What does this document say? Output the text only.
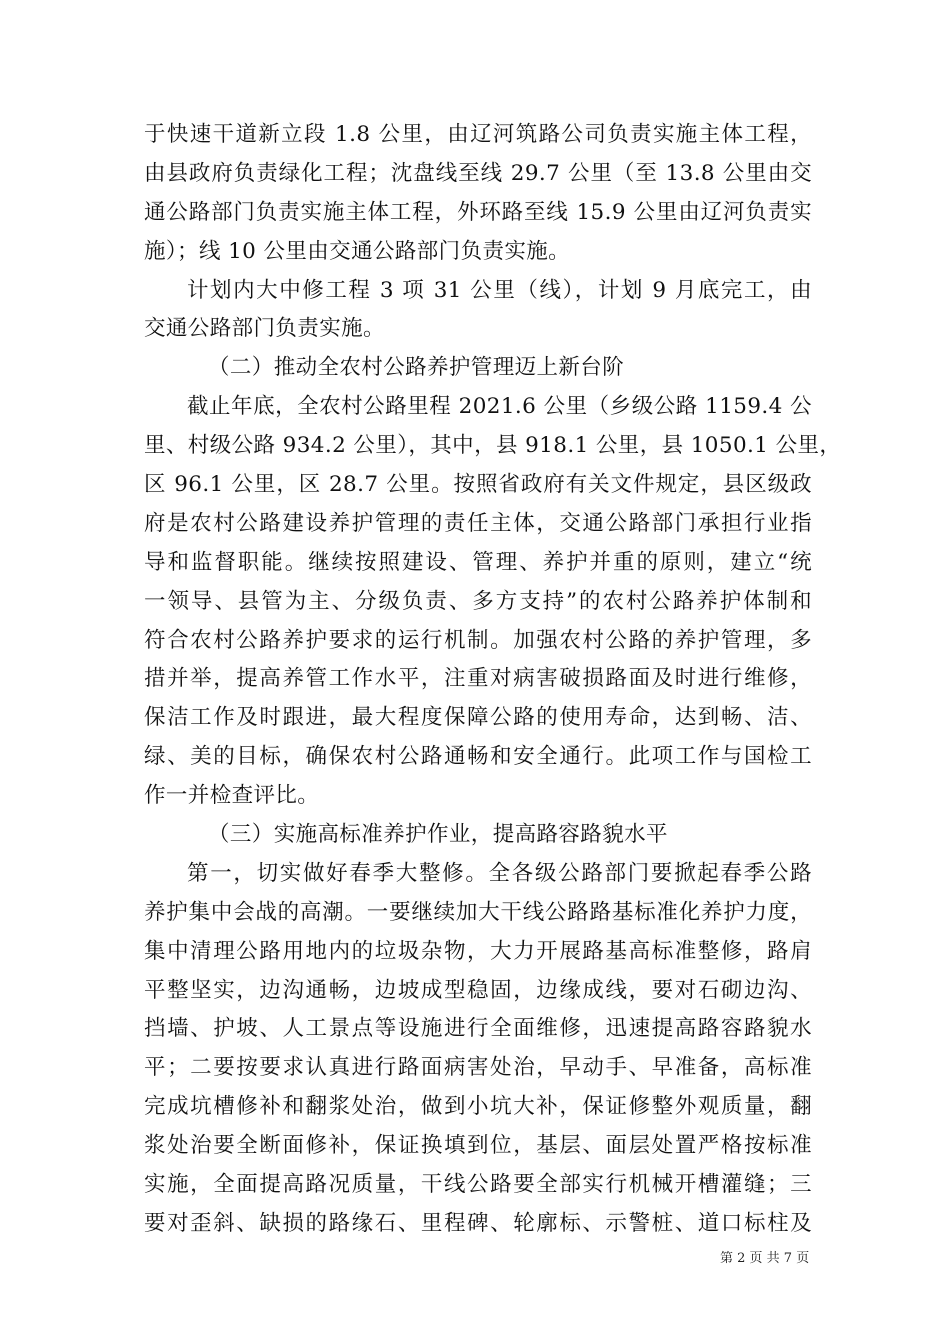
于快速干道新立段 1.8 公里，由辽河筑路公司负责实施主体工程，
由县政府负责绿化工程；沈盘线至线 29.7 公里（至 13.8 公里由交
通公路部门负责实施主体工程，外环路至线 15.9 公里由辽河负责实
施）；线 10 公里由交通公路部门负责实施。
计划内大中修工程 3 项 31 公里（线），计划 9 月底完工，由
交通公路部门负责实施。
（二）推动全农村公路养护管理迈上新台阶
截止年底，全农村公路里程 2021.6 公里（乡级公路 1159.4 公
里、村级公路 934.2 公里），其中，县 918.1 公里，县 1050.1 公里，
区 96.1 公里，区 28.7 公里。按照省政府有关文件规定，县区级政
府是农村公路建设养护管理的责任主体，交通公路部门承担行业指
导和监督职能。继续按照建设、管理、养护并重的原则，建立“统
一领导、县管为主、分级负责、多方支持”的农村公路养护体制和
符合农村公路养护要求的运行机制。加强农村公路的养护管理，多
措并举，提高养管工作水平，注重对病害破损路面及时进行维修，
保洁工作及时跟进，最大程度保障公路的使用寿命，达到畅、洁、
绿、美的目标，确保农村公路通畅和安全通行。此项工作与国检工
作一并检查评比。
（三）实施高标准养护作业，提高路容路貌水平
第一，切实做好春季大整修。全各级公路部门要掀起春季公路
养护集中会战的高潮。一要继续加大干线公路路基标准化养护力度，
集中清理公路用地内的垃圾杂物，大力开展路基高标准整修，路肩
平整坚实，边沟通畅，边坡成型稳固，边缘成线，要对石砌边沟、
挡墙、护坡、人工景点等设施进行全面维修，迅速提高路容路貌水
平；二要按要求认真进行路面病害处治，早动手、早准备，高标准
完成坑槽修补和翻浆处治，做到小坑大补，保证修整外观质量，翻
浆处治要全断面修补，保证换填到位，基层、面层处置严格按标准
实施，全面提高路况质量，干线公路要全部实行机械开槽灌缝；三
要对歪斜、缺损的路缘石、里程碑、轮廓标、示警桩、道口标柱及
第 2 页 共 7 页
